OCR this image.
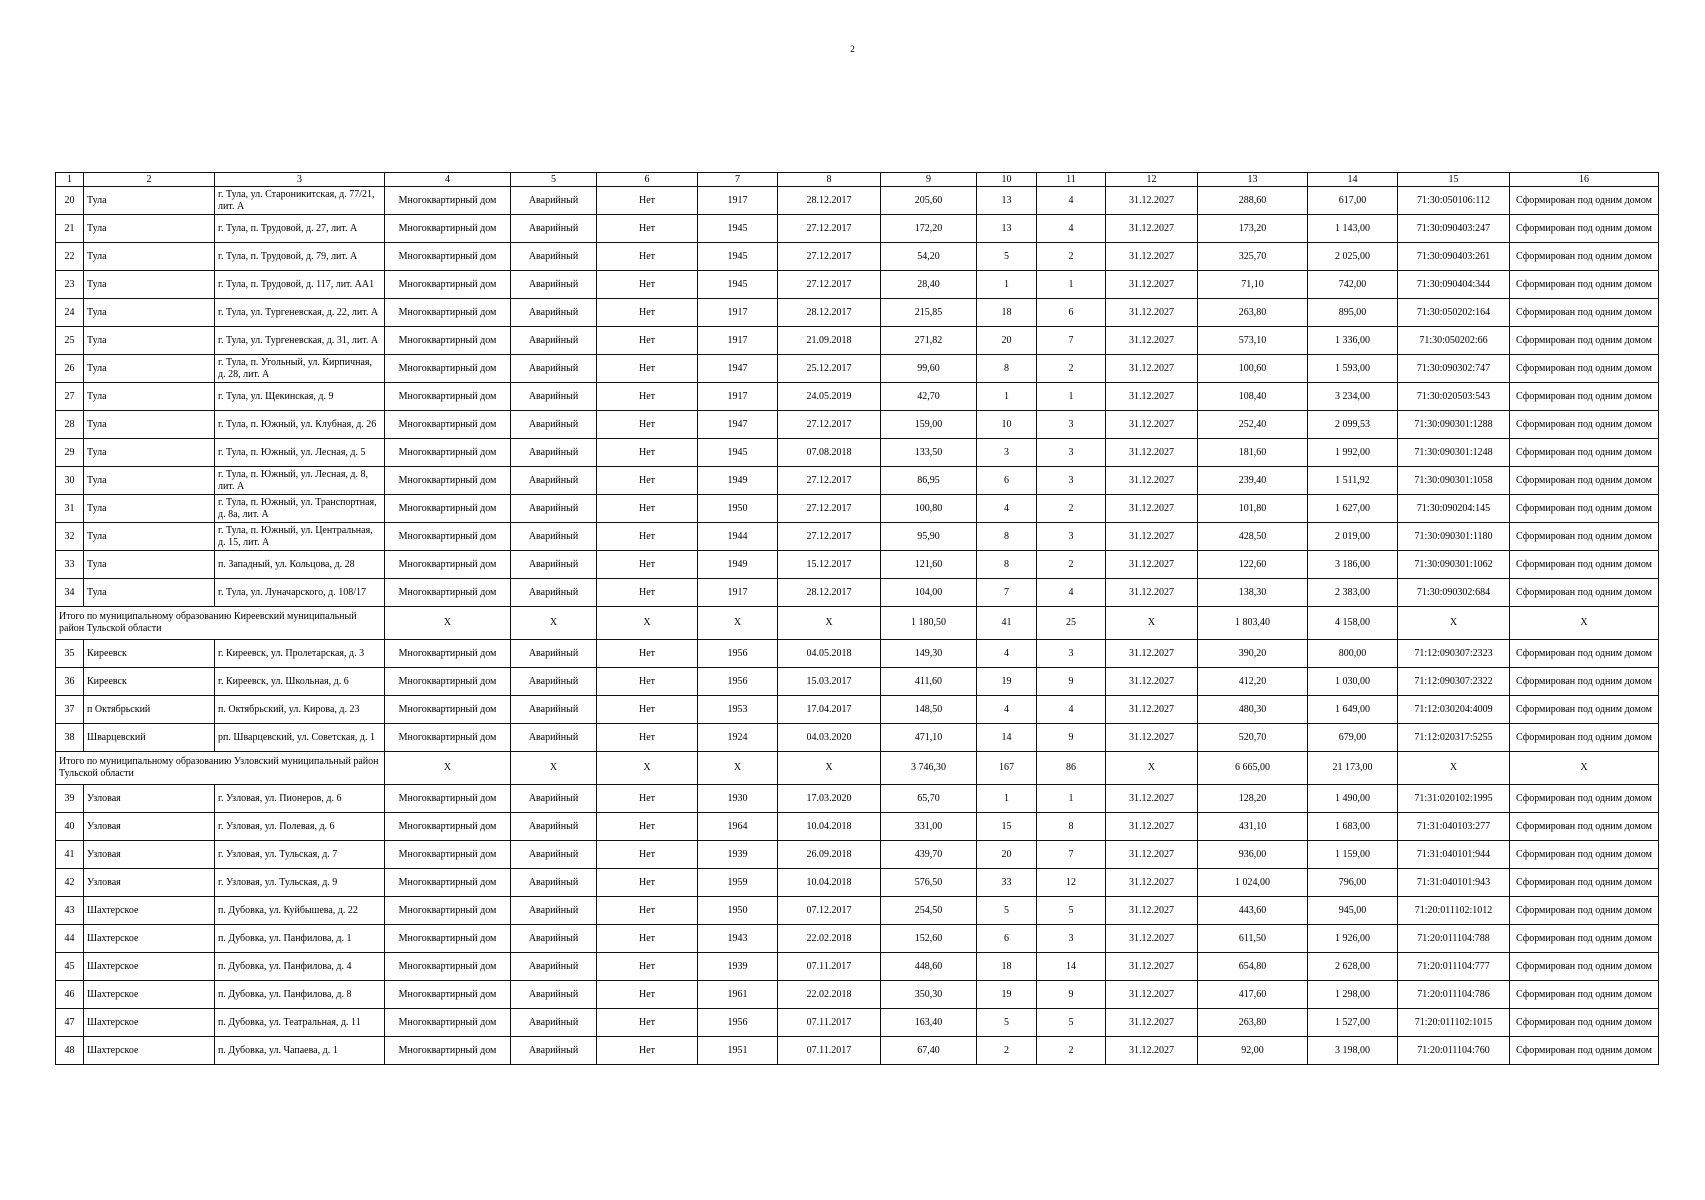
2
1	2	3	4	5	6	7	8	9	10	11	12	13	14	15	16
20	Тула	г. Тула, ул. Староникитская, д. 77/21, лит. А	Многоквартирный дом	Аварийный	Нет	1917	28.12.2017	205,60	13	4	31.12.2027	288,60	617,00	71:30:050106:112	Сформирован под одним домом
21	Тула	г. Тула, п. Трудовой, д. 27, лит. А	Многоквартирный дом	Аварийный	Нет	1945	27.12.2017	172,20	13	4	31.12.2027	173,20	1 143,00	71:30:090403:247	Сформирован под одним домом
22	Тула	г. Тула, п. Трудовой, д. 79, лит. А	Многоквартирный дом	Аварийный	Нет	1945	27.12.2017	54,20	5	2	31.12.2027	325,70	2 025,00	71:30:090403:261	Сформирован под одним домом
23	Тула	г. Тула, п. Трудовой, д. 117, лит. АА1	Многоквартирный дом	Аварийный	Нет	1945	27.12.2017	28,40	1	1	31.12.2027	71,10	742,00	71:30:090404:344	Сформирован под одним домом
24	Тула	г. Тула, ул. Тургеневская, д. 22, лит. А	Многоквартирный дом	Аварийный	Нет	1917	28.12.2017	215,85	18	6	31.12.2027	263,80	895,00	71:30:050202:164	Сформирован под одним домом
25	Тула	г. Тула, ул. Тургеневская, д. 31, лит. А	Многоквартирный дом	Аварийный	Нет	1917	21.09.2018	271,82	20	7	31.12.2027	573,10	1 336,00	71:30:050202:66	Сформирован под одним домом
26	Тула	г. Тула, п. Угольный, ул. Кирпичная, д. 28, лит. А	Многоквартирный дом	Аварийный	Нет	1947	25.12.2017	99,60	8	2	31.12.2027	100,60	1 593,00	71:30:090302:747	Сформирован под одним домом
27	Тула	г. Тула, ул. Щекинская, д. 9	Многоквартирный дом	Аварийный	Нет	1917	24.05.2019	42,70	1	1	31.12.2027	108,40	3 234,00	71:30:020503:543	Сформирован под одним домом
28	Тула	г. Тула, п. Южный, ул. Клубная, д. 26	Многоквартирный дом	Аварийный	Нет	1947	27.12.2017	159,00	10	3	31.12.2027	252,40	2 099,53	71:30:090301:1288	Сформирован под одним домом
29	Тула	г. Тула, п. Южный, ул. Лесная, д. 5	Многоквартирный дом	Аварийный	Нет	1945	07.08.2018	133,50	3	3	31.12.2027	181,60	1 992,00	71:30:090301:1248	Сформирован под одним домом
30	Тула	г. Тула, п. Южный, ул. Лесная, д. 8, лит. А	Многоквартирный дом	Аварийный	Нет	1949	27.12.2017	86,95	6	3	31.12.2027	239,40	1 511,92	71:30:090301:1058	Сформирован под одним домом
31	Тула	г. Тула, п. Южный, ул. Транспортная, д. 8а, лит. А	Многоквартирный дом	Аварийный	Нет	1950	27.12.2017	100,80	4	2	31.12.2027	101,80	1 627,00	71:30:090204:145	Сформирован под одним домом
32	Тула	г. Тула, п. Южный, ул. Центральная, д. 15, лит. А	Многоквартирный дом	Аварийный	Нет	1944	27.12.2017	95,90	8	3	31.12.2027	428,50	2 019,00	71:30:090301:1180	Сформирован под одним домом
33	Тула	п. Западный, ул. Кольцова, д. 28	Многоквартирный дом	Аварийный	Нет	1949	15.12.2017	121,60	8	2	31.12.2027	122,60	3 186,00	71:30:090301:1062	Сформирован под одним домом
34	Тула	г. Тула, ул. Луначарского, д. 108/17	Многоквартирный дом	Аварийный	Нет	1917	28.12.2017	104,00	7	4	31.12.2027	138,30	2 383,00	71:30:090302:684	Сформирован под одним домом
Итого по муниципальному образованию Киреевский муниципальный район Тульской области			X	X	X	X	X	1 180,50	41	25	X	1 803,40	4 158,00	X	X
35	Киреевск	г. Киреевск, ул. Пролетарская, д. 3	Многоквартирный дом	Аварийный	Нет	1956	04.05.2018	149,30	4	3	31.12.2027	390,20	800,00	71:12:090307:2323	Сформирован под одним домом
36	Киреевск	г. Киреевск, ул. Школьная, д. 6	Многоквартирный дом	Аварийный	Нет	1956	15.03.2017	411,60	19	9	31.12.2027	412,20	1 030,00	71:12:090307:2322	Сформирован под одним домом
37	п Октябрьский	п. Октябрьский, ул. Кирова, д. 23	Многоквартирный дом	Аварийный	Нет	1953	17.04.2017	148,50	4	4	31.12.2027	480,30	1 649,00	71:12:030204:4009	Сформирован под одним домом
38	Шварцевский	рп. Шварцевский, ул. Советская, д. 1	Многоквартирный дом	Аварийный	Нет	1924	04.03.2020	471,10	14	9	31.12.2027	520,70	679,00	71:12:020317:5255	Сформирован под одним домом
Итого по муниципальному образованию Узловский муниципальный район Тульской области			X	X	X	X	X	3 746,30	167	86	X	6 665,00	21 173,00	X	X
39	Узловая	г. Узловая, ул. Пионеров, д. 6	Многоквартирный дом	Аварийный	Нет	1930	17.03.2020	65,70	1	1	31.12.2027	128,20	1 490,00	71:31:020102:1995	Сформирован под одним домом
40	Узловая	г. Узловая, ул. Полевая, д. 6	Многоквартирный дом	Аварийный	Нет	1964	10.04.2018	331,00	15	8	31.12.2027	431,10	1 683,00	71:31:040103:277	Сформирован под одним домом
41	Узловая	г. Узловая, ул. Тульская, д. 7	Многоквартирный дом	Аварийный	Нет	1939	26.09.2018	439,70	20	7	31.12.2027	936,00	1 159,00	71:31:040101:944	Сформирован под одним домом
42	Узловая	г. Узловая, ул. Тульская, д. 9	Многоквартирный дом	Аварийный	Нет	1959	10.04.2018	576,50	33	12	31.12.2027	1 024,00	796,00	71:31:040101:943	Сформирован под одним домом
43	Шахтерское	п. Дубовка, ул. Куйбышева, д. 22	Многоквартирный дом	Аварийный	Нет	1950	07.12.2017	254,50	5	5	31.12.2027	443,60	945,00	71:20:011102:1012	Сформирован под одним домом
44	Шахтерское	п. Дубовка, ул. Панфилова, д. 1	Многоквартирный дом	Аварийный	Нет	1943	22.02.2018	152,60	6	3	31.12.2027	611,50	1 926,00	71:20:011104:788	Сформирован под одним домом
45	Шахтерское	п. Дубовка, ул. Панфилова, д. 4	Многоквартирный дом	Аварийный	Нет	1939	07.11.2017	448,60	18	14	31.12.2027	654,80	2 628,00	71:20:011104:777	Сформирован под одним домом
46	Шахтерское	п. Дубовка, ул. Панфилова, д. 8	Многоквартирный дом	Аварийный	Нет	1961	22.02.2018	350,30	19	9	31.12.2027	417,60	1 298,00	71:20:011104:786	Сформирован под одним домом
47	Шахтерское	п. Дубовка, ул. Театральная, д. 11	Многоквартирный дом	Аварийный	Нет	1956	07.11.2017	163,40	5	5	31.12.2027	263,80	1 527,00	71:20:011102:1015	Сформирован под одним домом
48	Шахтерское	п. Дубовка, ул. Чапаева, д. 1	Многоквартирный дом	Аварийный	Нет	1951	07.11.2017	67,40	2	2	31.12.2027	92,00	3 198,00	71:20:011104:760	Сформирован под одним домом
